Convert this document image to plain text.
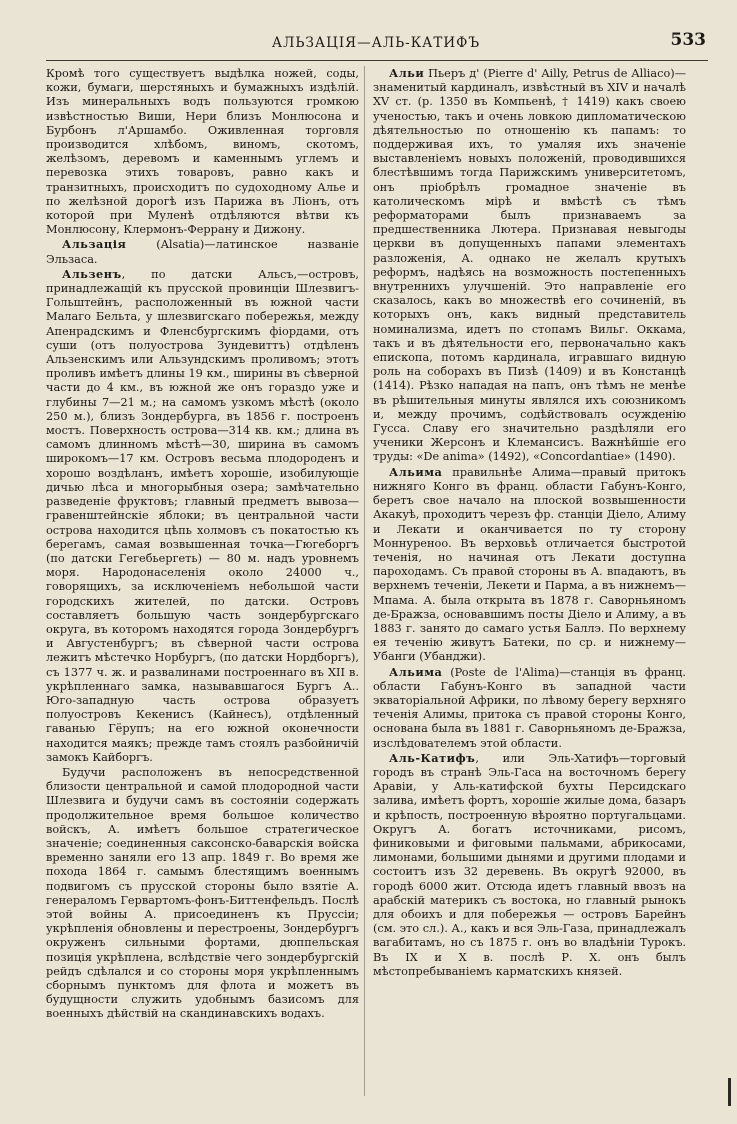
АЛЬЗАЦІЯ—АЛЬ-КАТИФЪ	533

Кромѣ того существуетъ выдѣлка ножей, соды, кожи, бумаги, шерстяныхъ и бумажныхъ издѣлій. Изъ минеральныхъ водъ пользуются громкою извѣстностью Виши, Нери близъ Монлюсона и Бурбонъ л'Аршамбо. Оживленная торговля производится хлѣбомъ, виномъ, скотомъ, желѣзомъ, деревомъ и каменнымъ углемъ и перевозка этихъ товаровъ, равно какъ и транзитныхъ, происходитъ по судоходному Алье и по желѣзной дорогѣ изъ Парижа въ Ліонъ, отъ которой при Муленѣ отдѣляются вѣтви къ Монлюсону, Клермонъ-Феррану и Дижону.

Альзація (Alsatia)—латинское названіе Эльзаса.

Альзенъ, по датски Альсъ,—островъ, принадлежащій къ прусской провинціи Шлезвигъ-Гольштейнъ, расположенный въ южной части Малаго Бельта, у шлезвигскаго побережья, между Апенрадскимъ и Фленсбургскимъ фіордами, отъ суши (отъ полуострова Зундевиттъ) отдѣленъ Альзенскимъ или Альзундскимъ проливомъ; этотъ проливъ имѣетъ длины 19 км., ширины въ сѣверной части до 4 км., въ южной же онъ гораздо уже и глубины 7—21 м.; на самомъ узкомъ мѣстѣ (около 250 м.), близъ Зондербурга, въ 1856 г. построенъ мостъ. Поверхность острова—314 кв. км.; длина въ самомъ длинномъ мѣстѣ—30, ширина въ самомъ широкомъ—17 км. Островъ весьма плодороденъ и хорошо воздѣланъ, имѣетъ хорошіе, изобилующіе дичью лѣса и многорыбныя озера; замѣчательно разведеніе фруктовъ; главный предметъ вывоза—гравенштейнскіе яблоки; въ центральной части острова находится цѣпь холмовъ съ покатостью къ берегамъ, самая возвышенная точка—Гюгеборгъ (по датски Гегебьергеть) — 80 м. надъ уровнемъ моря. Народонаселенія около 24000 ч., говорящихъ, за исключеніемъ небольшой части городскихъ жителей, по датски. Островъ составляетъ большую часть зондербургскаго округа, въ которомъ находятся города Зондербургъ и Августенбургъ; въ сѣверной части острова лежитъ мѣстечко Норбургъ, (по датски Нордборгъ), съ 1377 ч. ж. и развалинами построеннаго въ XII в. укрѣпленнаго замка, называвшагося Бургъ А.. Юго-западную часть острова образуетъ полуостровъ Кекенисъ (Кайнесъ), отдѣленный гаванью Гёрупъ; на его южной оконечности находится маякъ; прежде тамъ стоялъ разбойничій замокъ Кайборгъ.

Будучи расположенъ въ непосредственной близости центральной и самой плодородной части Шлезвига и будучи самъ въ состояніи содержать продолжительное время большое количество войскъ, А. имѣетъ большое стратегическое значеніе; соединенныя саксонско-баварскія войска временно заняли его 13 апр. 1849 г. Во время же похода 1864 г. самымъ блестящимъ военнымъ подвигомъ съ прусской стороны было взятіе А. генераломъ Гервартомъ-фонъ-Биттенфельдъ. Послѣ этой войны А. присоединенъ къ Пруссіи; укрѣпленія обновлены и перестроены, Зондербургъ окруженъ сильными фортами, дюппельская позиція укрѣплена, вслѣдствіе чего зондербургскій рейдъ сдѣлался и со стороны моря укрѣпленнымъ сборнымъ пунктомъ для флота и можетъ въ будущности служить удобнымъ базисомъ для военныхъ дѣйствій на скандинавскихъ водахъ.

Альи Пьеръ д' (Pierre d' Ailly, Petrus de Alliaco)—знаменитый кардиналъ, извѣстный въ XIV и началѣ XV ст. (р. 1350 въ Компьенѣ, † 1419) какъ своею ученостью, такъ и очень ловкою дипломатическою дѣятельностью по отношенію къ папамъ: то поддерживая ихъ, то умаляя ихъ значеніе выставленіемъ новыхъ положеній, проводившихся блестѣвшимъ тогда Парижскимъ университетомъ, онъ пріобрѣлъ громадное значеніе въ католическомъ мірѣ и вмѣстѣ съ тѣмъ реформаторами былъ признаваемъ за предшественника Лютера. Признавая невыгоды церкви въ допущенныхъ папами элементахъ разложенія, А. однако не желалъ крутыхъ реформъ, надѣясь на возможность постепенныхъ внутреннихъ улучшеній. Это направленіе его сказалось, какъ во множествѣ его сочиненій, въ которыхъ онъ, какъ видный представитель номинализма, идетъ по стопамъ Вильг. Оккама, такъ и въ дѣятельности его, первоначально какъ епископа, потомъ кардинала, игравшаго видную роль на соборахъ въ Пизѣ (1409) и въ Констанцѣ (1414). Рѣзко нападая на папъ, онъ тѣмъ не менѣе въ рѣшительныя минуты являлся ихъ союзникомъ и, между прочимъ, содѣйствовалъ осужденію Гусса. Славу его значительно раздѣляли его ученики Жерсонъ и Клемансисъ. Важнѣйшіе его труды: «De anima» (1492), «Concordantiae» (1490).

Альима правильнѣе Алима—правый притокъ нижняго Конго въ франц. области Габунъ-Конго, беретъ свое начало на плоской возвышенности Акакуѣ, проходитъ черезъ фр. станціи Діело, Алиму и Лекати и оканчивается по ту сторону Моннуреноо. Въ верховьѣ отличается быстротой теченія, но начиная отъ Лекати доступна пароходамъ. Съ правой стороны въ А. впадаютъ, въ верхнемъ теченіи, Лекети и Парма, а въ нижнемъ—Мпама. А. была открыта въ 1878 г. Саворньяномъ де-Бражза, основавшимъ посты Діело и Алиму, а въ 1883 г. занято до самаго устья Баллэ. По верхнему ея теченію живутъ Батеки, по ср. и нижнему—Убанги (Убанджи).

Альима (Poste de l'Alima)—станція въ франц. области Габунъ-Конго въ западной части экваторіальной Африки, по лѣвому берегу верхняго теченія Алимы, притока съ правой стороны Конго, основана была въ 1881 г. Саворньяномъ де-Бражза, изслѣдователемъ этой области.

Аль-Катифъ, или Эль-Хатифъ—торговый городъ въ странѣ Эль-Гаса на восточномъ берегу Аравіи, у Аль-катифской бухты Персидскаго залива, имѣетъ фортъ, хорошіе жилые дома, базаръ и крѣпость, построенную вѣроятно португальцами. Округъ А. богатъ источниками, рисомъ, финиковыми и фиговыми пальмами, абрикосами, лимонами, большими дынями и другими плодами и состоитъ изъ 32 деревень. Въ округѣ 92000, въ городѣ 6000 жит. Отсюда идетъ главный ввозъ на арабскій материкъ съ востока, но главный рынокъ для обоихъ и для побережья — островъ Барейнъ (см. это сл.). А., какъ и вся Эль-Газа, принадлежалъ вагабитамъ, но съ 1875 г. онъ во владѣніи Турокъ. Въ IX и X в. послѣ Р. Х. онъ былъ мѣстопребываніемъ карматскихъ князей.
